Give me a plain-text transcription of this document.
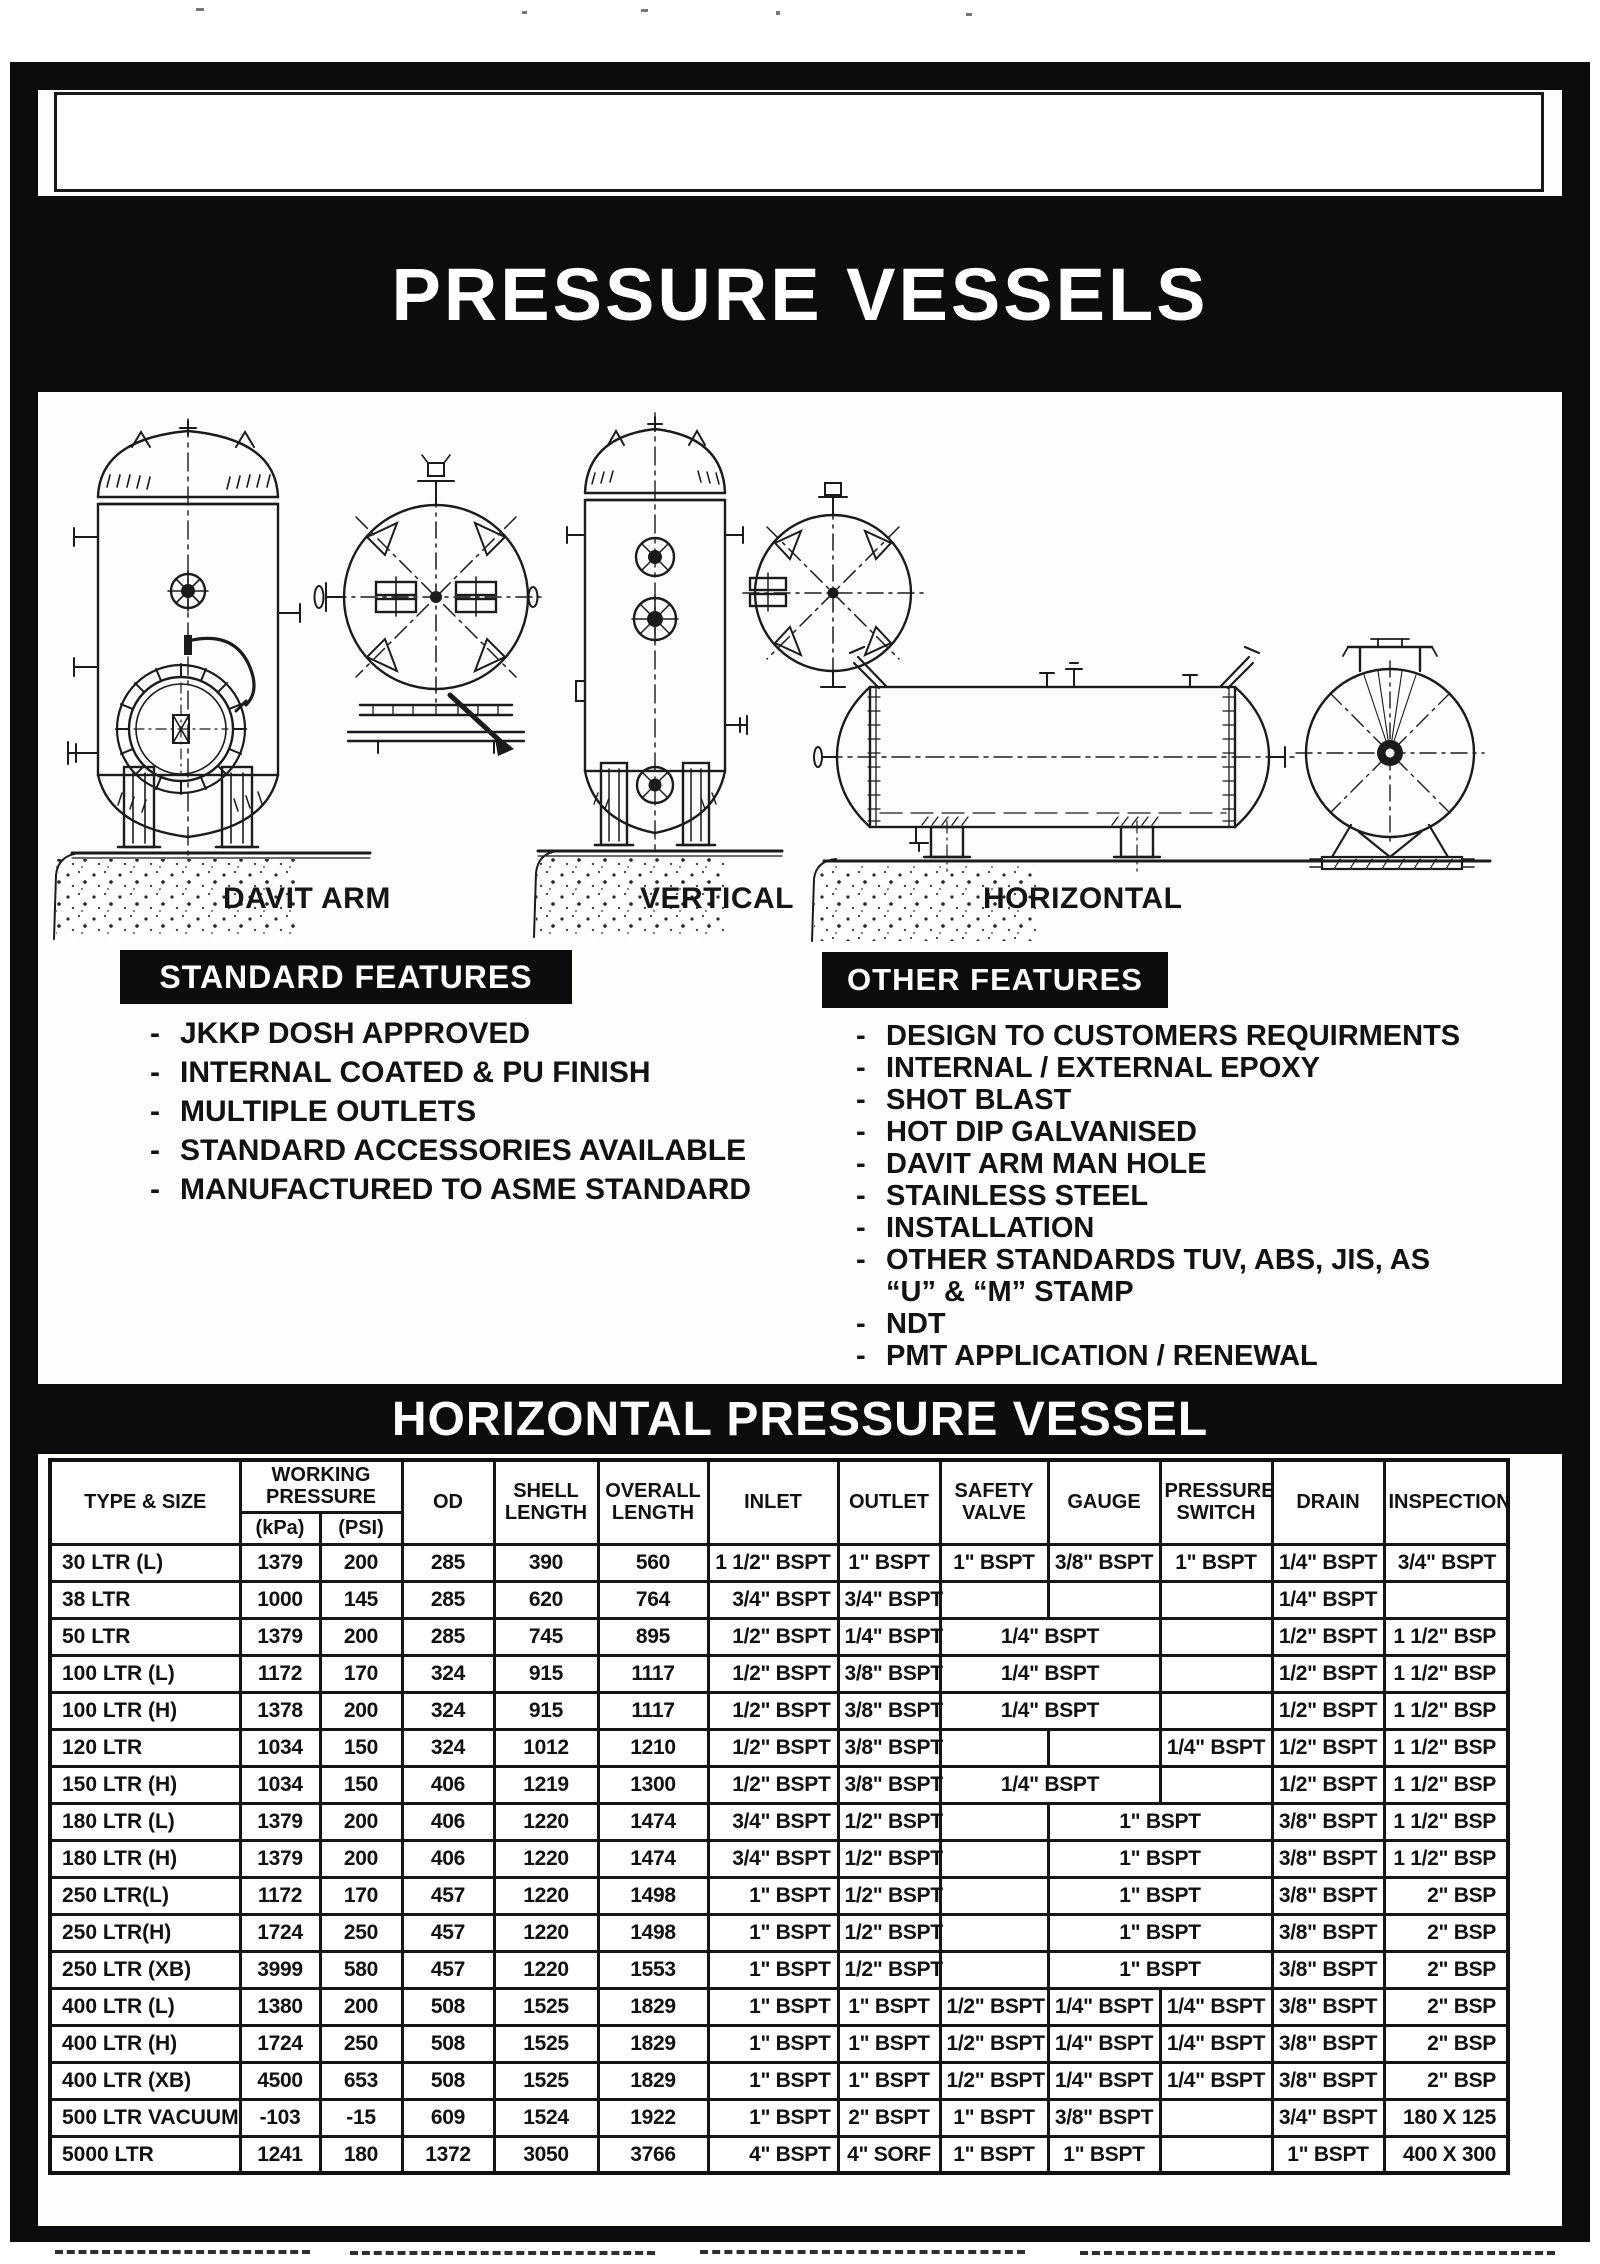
PRESSURE VESSELS
DAVIT ARM	VERTICAL	HORIZONTAL
STANDARD FEATURES
- JKKP DOSH APPROVED
- INTERNAL COATED & PU FINISH
- MULTIPLE OUTLETS
- STANDARD ACCESSORIES AVAILABLE
- MANUFACTURED TO ASME STANDARD
OTHER FEATURES
- DESIGN TO CUSTOMERS REQUIRMENTS
- INTERNAL / EXTERNAL EPOXY
- SHOT BLAST
- HOT DIP GALVANISED
- DAVIT ARM MAN HOLE
- STAINLESS STEEL
- INSTALLATION
- OTHER STANDARDS TUV, ABS, JIS, AS
“U” & “M” STAMP
- NDT
- PMT APPLICATION / RENEWAL
HORIZONTAL PRESSURE VESSEL
TYPE & SIZE	WORKING PRESSURE		OD	SHELL LENGTH	OVERALL LENGTH	INLET	OUTLET	SAFETY VALVE	GAUGE	PRESSURE SWITCH	DRAIN	INSPECTION
	(kPa)	(PSI)										
30 LTR (L)	1379	200	285	390	560	1 1/2" BSPT	1" BSPT	1" BSPT	3/8" BSPT	1" BSPT	1/4" BSPT	3/4" BSPT
38 LTR	1000	145	285	620	764	3/4" BSPT	3/4" BSPT				1/4" BSPT	
50 LTR	1379	200	285	745	895	1/2" BSPT	1/4" BSPT	1/4" BSPT			1/2" BSPT	1 1/2" BSP
100 LTR (L)	1172	170	324	915	1117	1/2" BSPT	3/8" BSPT	1/4" BSPT			1/2" BSPT	1 1/2" BSP
100 LTR (H)	1378	200	324	915	1117	1/2" BSPT	3/8" BSPT	1/4" BSPT			1/2" BSPT	1 1/2" BSP
120 LTR	1034	150	324	1012	1210	1/2" BSPT	3/8" BSPT			1/4" BSPT	1/2" BSPT	1 1/2" BSP
150 LTR (H)	1034	150	406	1219	1300	1/2" BSPT	3/8" BSPT	1/4" BSPT			1/2" BSPT	1 1/2" BSP
180 LTR (L)	1379	200	406	1220	1474	3/4" BSPT	1/2" BSPT		1" BSPT		3/8" BSPT	1 1/2" BSP
180 LTR (H)	1379	200	406	1220	1474	3/4" BSPT	1/2" BSPT		1" BSPT		3/8" BSPT	1 1/2" BSP
250 LTR(L)	1172	170	457	1220	1498	1" BSPT	1/2" BSPT		1" BSPT		3/8" BSPT	2" BSP
250 LTR(H)	1724	250	457	1220	1498	1" BSPT	1/2" BSPT		1" BSPT		3/8" BSPT	2" BSP
250 LTR (XB)	3999	580	457	1220	1553	1" BSPT	1/2" BSPT		1" BSPT		3/8" BSPT	2" BSP
400 LTR (L)	1380	200	508	1525	1829	1" BSPT	1" BSPT	1/2" BSPT	1/4" BSPT	1/4" BSPT	3/8" BSPT	2" BSP
400 LTR (H)	1724	250	508	1525	1829	1" BSPT	1" BSPT	1/2" BSPT	1/4" BSPT	1/4" BSPT	3/8" BSPT	2" BSP
400 LTR (XB)	4500	653	508	1525	1829	1" BSPT	1" BSPT	1/2" BSPT	1/4" BSPT	1/4" BSPT	3/8" BSPT	2" BSP
500 LTR VACUUM	-103	-15	609	1524	1922	1" BSPT	2" BSPT	1" BSPT	3/8" BSPT		3/4" BSPT	180 X 125
5000 LTR	1241	180	1372	3050	3766	4" BSPT	4" SORF	1" BSPT	1" BSPT		1" BSPT	400 X 300
